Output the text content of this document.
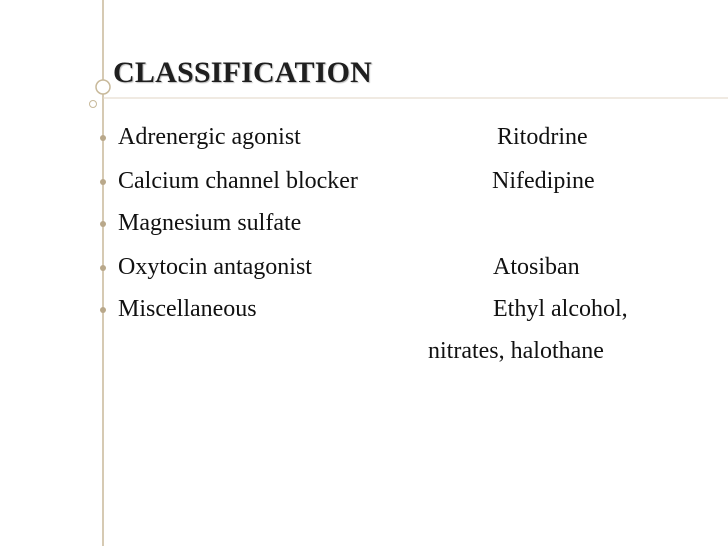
CLASSIFICATION
Adrenergic agonist	Ritodrine
Calcium channel blocker	Nifedipine
Magnesium sulfate
Oxytocin antagonist	Atosiban
Miscellaneous	Ethyl alcohol,
nitrates, halothane
